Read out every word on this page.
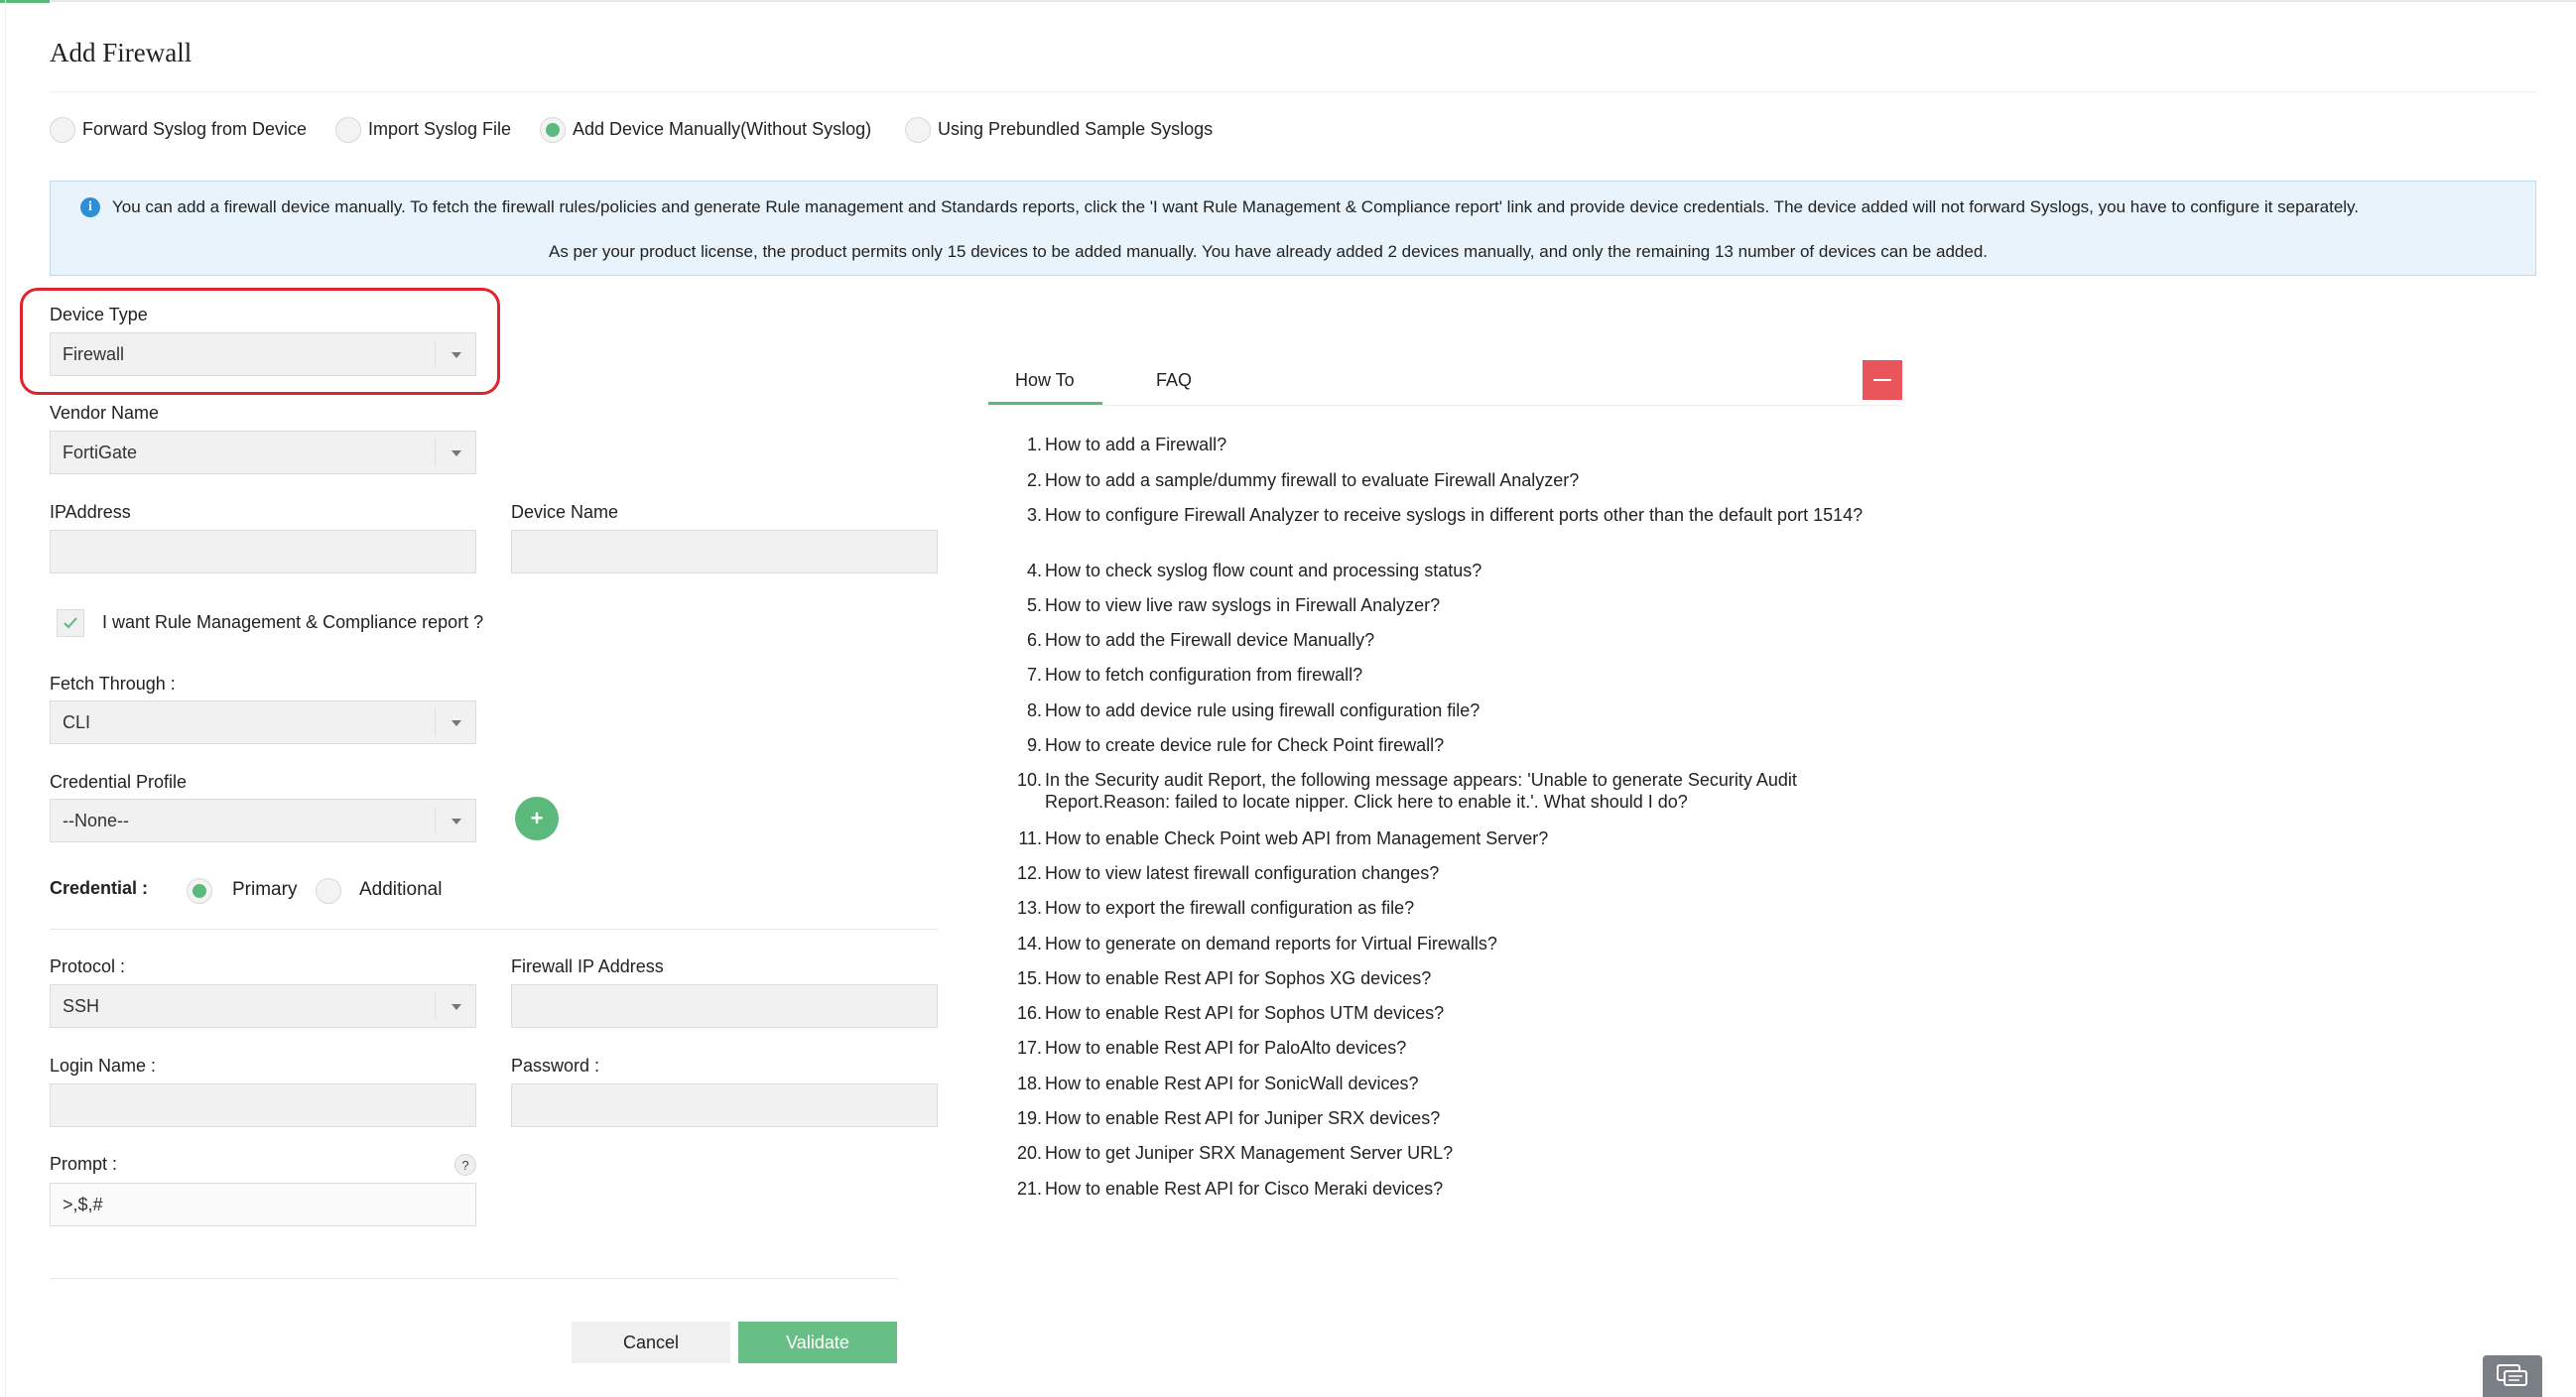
Add Firewall
Forward Syslog from Device	Import Syslog File	Add Device Manually(Without Syslog)	Using Prebundled Sample Syslogs
i	You can add a firewall device manually. To fetch the firewall rules/policies and generate Rule management and Standards reports, click the 'I want Rule Management & Compliance report' link and provide device credentials. The device added will not forward Syslogs, you have to configure it separately.
As per your product license, the product permits only 15 devices to be added manually. You have already added 2 devices manually, and only the remaining 13 number of devices can be added.
Device Type
Firewall
Vendor Name
FortiGate
IPAddress	Device Name
I want Rule Management & Compliance report ?
Fetch Through :
CLI
Credential Profile
--None--	+
Credential :	Primary	Additional
Protocol :
SSH
Firewall IP Address
Login Name :	Password :
Prompt :	?
>,$,#
Cancel	Validate
How To	FAQ
1. How to add a Firewall?
2. How to add a sample/dummy firewall to evaluate Firewall Analyzer?
3. How to configure Firewall Analyzer to receive syslogs in different ports other than the default port 1514?
4. How to check syslog flow count and processing status?
5. How to view live raw syslogs in Firewall Analyzer?
6. How to add the Firewall device Manually?
7. How to fetch configuration from firewall?
8. How to add device rule using firewall configuration file?
9. How to create device rule for Check Point firewall?
10. In the Security audit Report, the following message appears: 'Unable to generate Security Audit Report.Reason: failed to locate nipper. Click here to enable it.'. What should I do?
11. How to enable Check Point web API from Management Server?
12. How to view latest firewall configuration changes?
13. How to export the firewall configuration as file?
14. How to generate on demand reports for Virtual Firewalls?
15. How to enable Rest API for Sophos XG devices?
16. How to enable Rest API for Sophos UTM devices?
17. How to enable Rest API for PaloAlto devices?
18. How to enable Rest API for SonicWall devices?
19. How to enable Rest API for Juniper SRX devices?
20. How to get Juniper SRX Management Server URL?
21. How to enable Rest API for Cisco Meraki devices?
